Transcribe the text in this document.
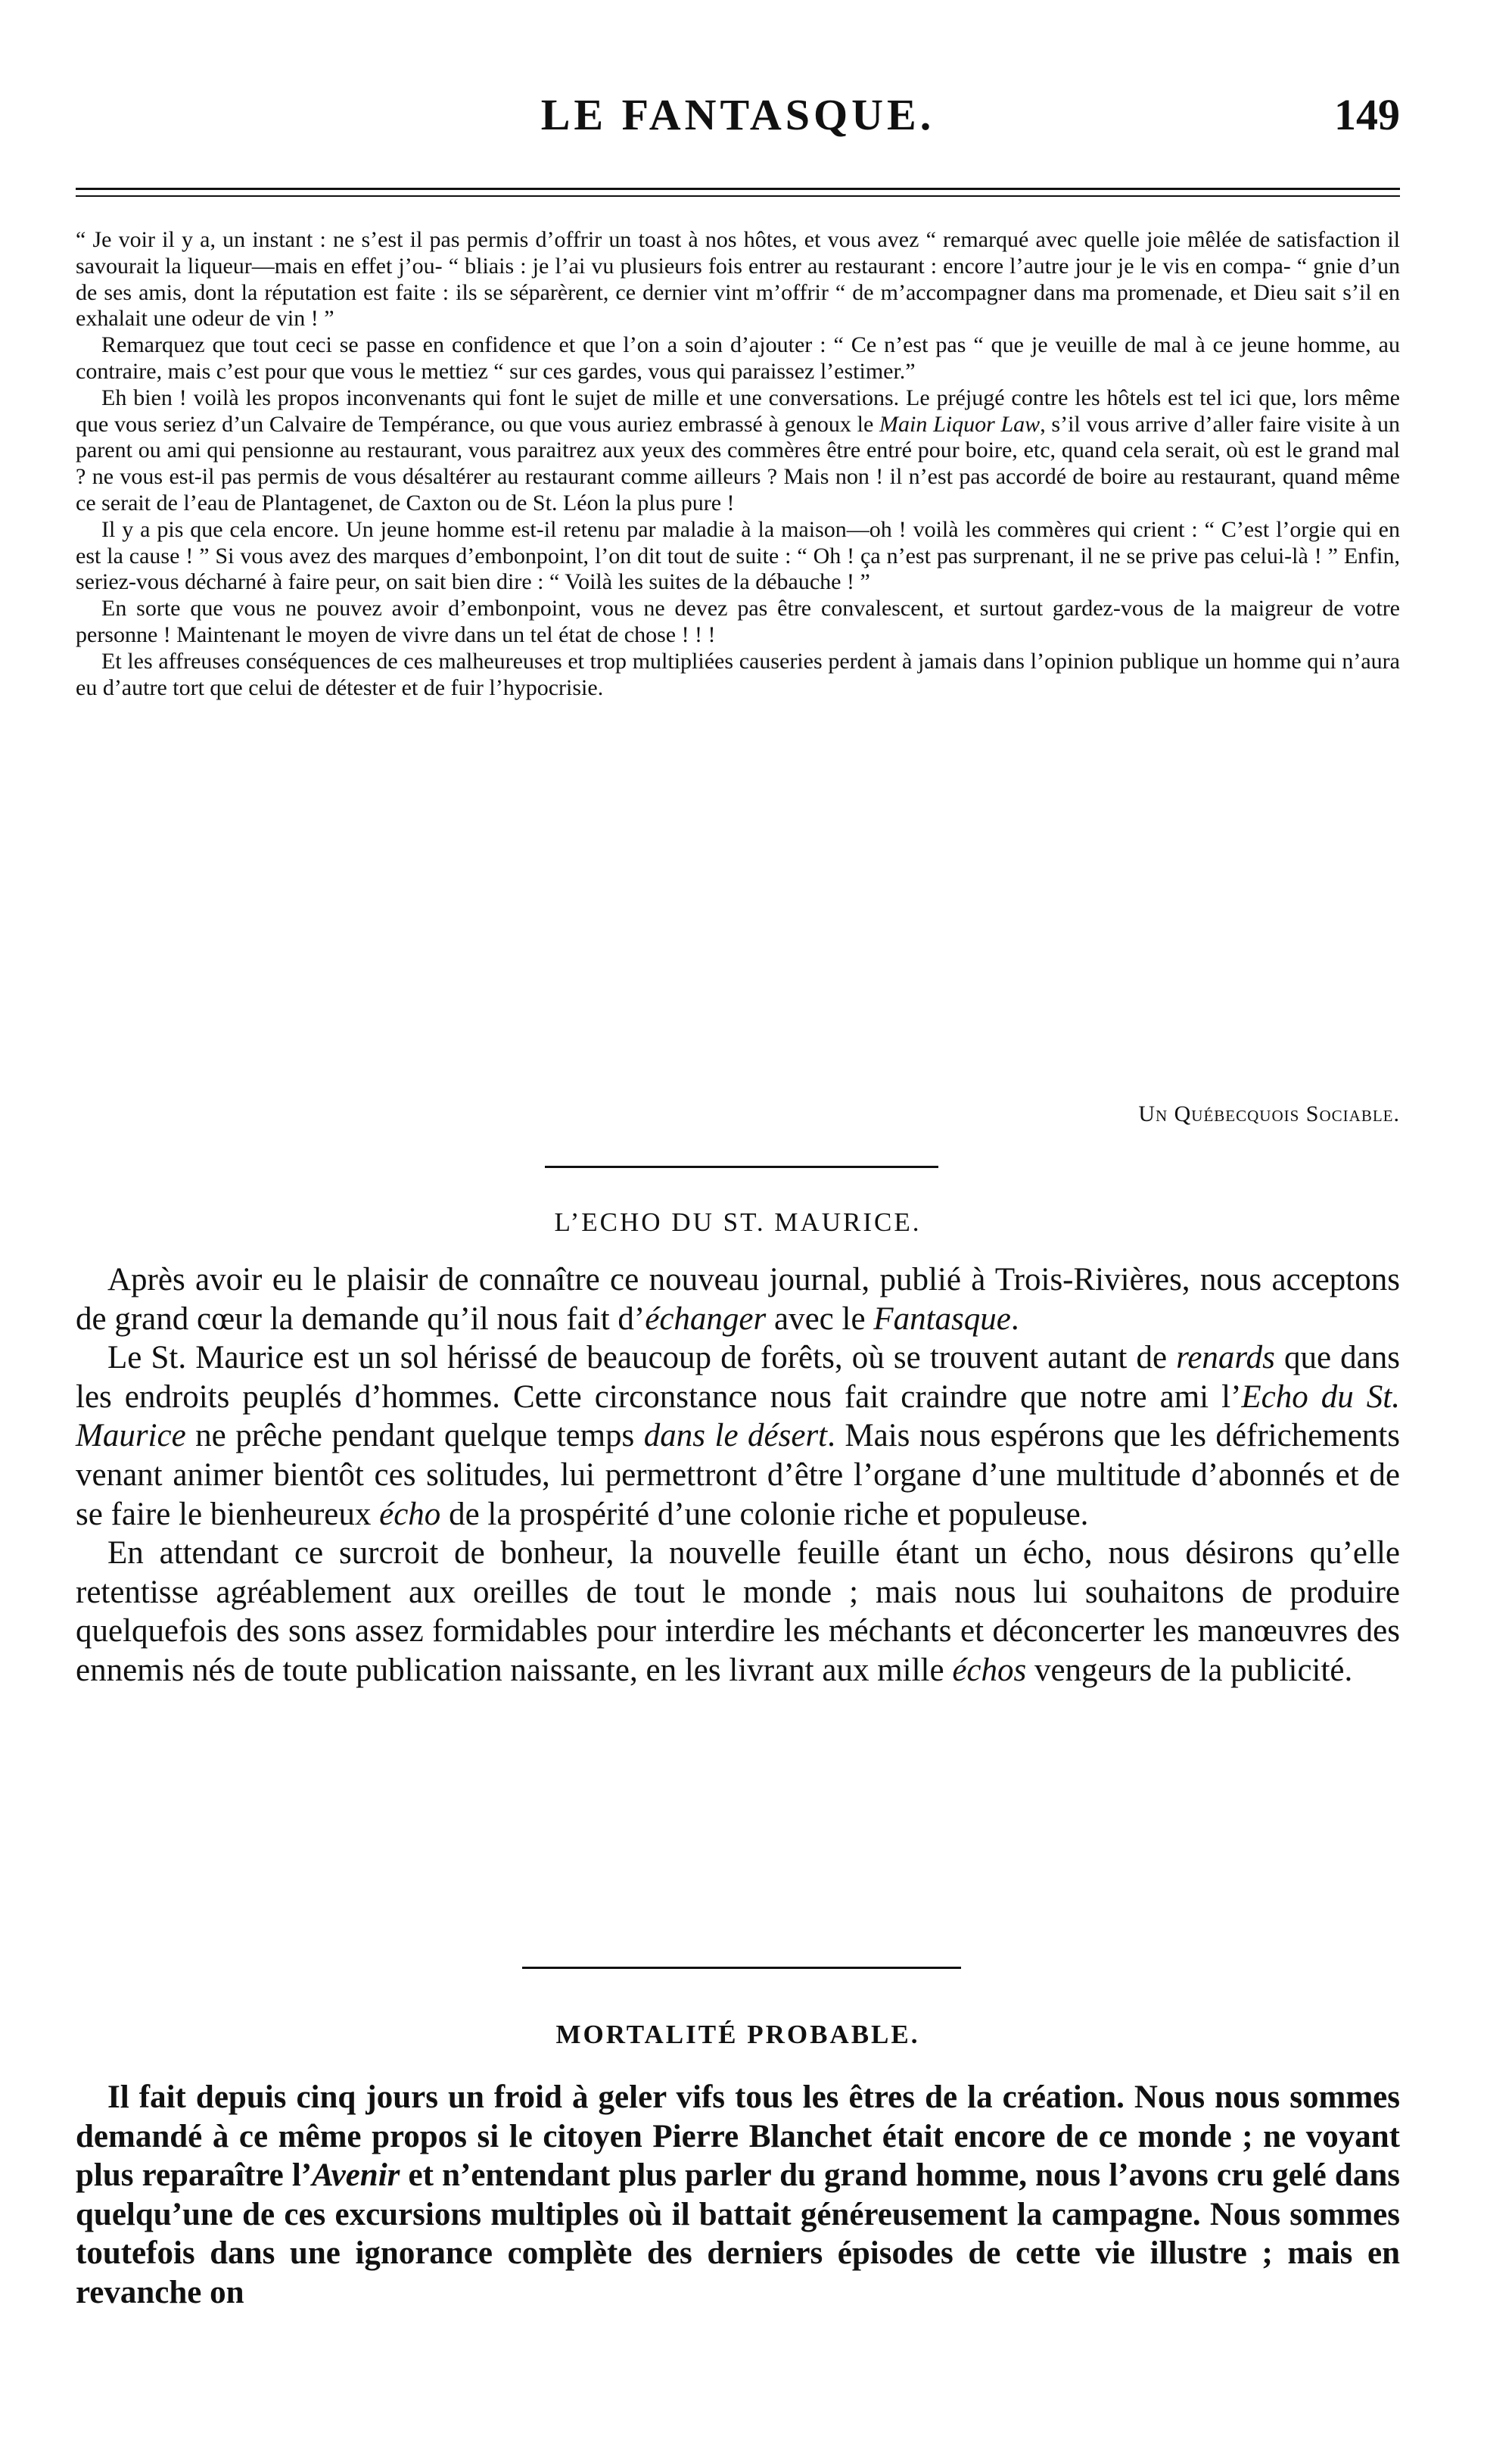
LE FANTASQUE.	149

“ Je voir il y a, un instant : ne s’est il pas permis d’offrir un toast à nos hôtes, et vous avez “ remarqué avec quelle joie mêlée de satisfaction il savourait la liqueur—mais en effet j’ou- “ bliais : je l’ai vu plusieurs fois entrer au restaurant : encore l’autre jour je le vis en compa- “ gnie d’un de ses amis, dont la réputation est faite : ils se séparèrent, ce dernier vint m’offrir “ de m’accompagner dans ma promenade, et Dieu sait s’il en exhalait une odeur de vin ! ”

Remarquez que tout ceci se passe en confidence et que l’on a soin d’ajouter : “ Ce n’est pas “ que je veuille de mal à ce jeune homme, au contraire, mais c’est pour que vous le mettiez “ sur ces gardes, vous qui paraissez l’estimer.”

Eh bien ! voilà les propos inconvenants qui font le sujet de mille et une conversations. Le préjugé contre les hôtels est tel ici que, lors même que vous seriez d’un Calvaire de Tempérance, ou que vous auriez embrassé à genoux le Main Liquor Law, s’il vous arrive d’aller faire visite à un parent ou ami qui pensionne au restaurant, vous paraitrez aux yeux des commères être entré pour boire, etc, quand cela serait, où est le grand mal ? ne vous est-il pas permis de vous désaltérer au restaurant comme ailleurs ? Mais non ! il n’est pas accordé de boire au restaurant, quand même ce serait de l’eau de Plantagenet, de Caxton ou de St. Léon la plus pure !

Il y a pis que cela encore. Un jeune homme est-il retenu par maladie à la maison—oh ! voilà les commères qui crient : “ C’est l’orgie qui en est la cause ! ” Si vous avez des marques d’embonpoint, l’on dit tout de suite : “ Oh ! ça n’est pas surprenant, il ne se prive pas celui-là ! ” Enfin, seriez-vous décharné à faire peur, on sait bien dire : “ Voilà les suites de la débauche ! ”

En sorte que vous ne pouvez avoir d’embonpoint, vous ne devez pas être convalescent, et surtout gardez-vous de la maigreur de votre personne ! Maintenant le moyen de vivre dans un tel état de chose ! ! !

Et les affreuses conséquences de ces malheureuses et trop multipliées causeries perdent à jamais dans l’opinion publique un homme qui n’aura eu d’autre tort que celui de détester et de fuir l’hypocrisie.

Un Québecquois Sociable.
L’ECHO DU ST. MAURICE.

Après avoir eu le plaisir de connaître ce nouveau journal, publié à Trois-Rivières, nous acceptons de grand cœur la demande qu’il nous fait d’échanger avec le Fantasque.

Le St. Maurice est un sol hérissé de beaucoup de forêts, où se trouvent autant de renards que dans les endroits peuplés d’hommes. Cette circonstance nous fait craindre que notre ami l’Echo du St. Maurice ne prêche pendant quelque temps dans le désert. Mais nous espérons que les défrichements venant animer bientôt ces solitudes, lui permettront d’être l’organe d’une multitude d’abonnés et de se faire le bienheureux écho de la prospérité d’une colonie riche et populeuse.

En attendant ce surcroit de bonheur, la nouvelle feuille étant un écho, nous désirons qu’elle retentisse agréablement aux oreilles de tout le monde ; mais nous lui souhaitons de produire quelquefois des sons assez formidables pour interdire les méchants et déconcerter les manœuvres des ennemis nés de toute publication naissante, en les livrant aux mille échos vengeurs de la publicité.

MORTALITÉ PROBABLE.

Il fait depuis cinq jours un froid à geler vifs tous les êtres de la création. Nous nous sommes demandé à ce même propos si le citoyen Pierre Blanchet était encore de ce monde ; ne voyant plus reparaître l’Avenir et n’entendant plus parler du grand homme, nous l’avons cru gelé dans quelqu’une de ces excursions multiples où il battait généreusement la campagne. Nous sommes toutefois dans une ignorance complète des derniers épisodes de cette vie illustre ; mais en revanche on
